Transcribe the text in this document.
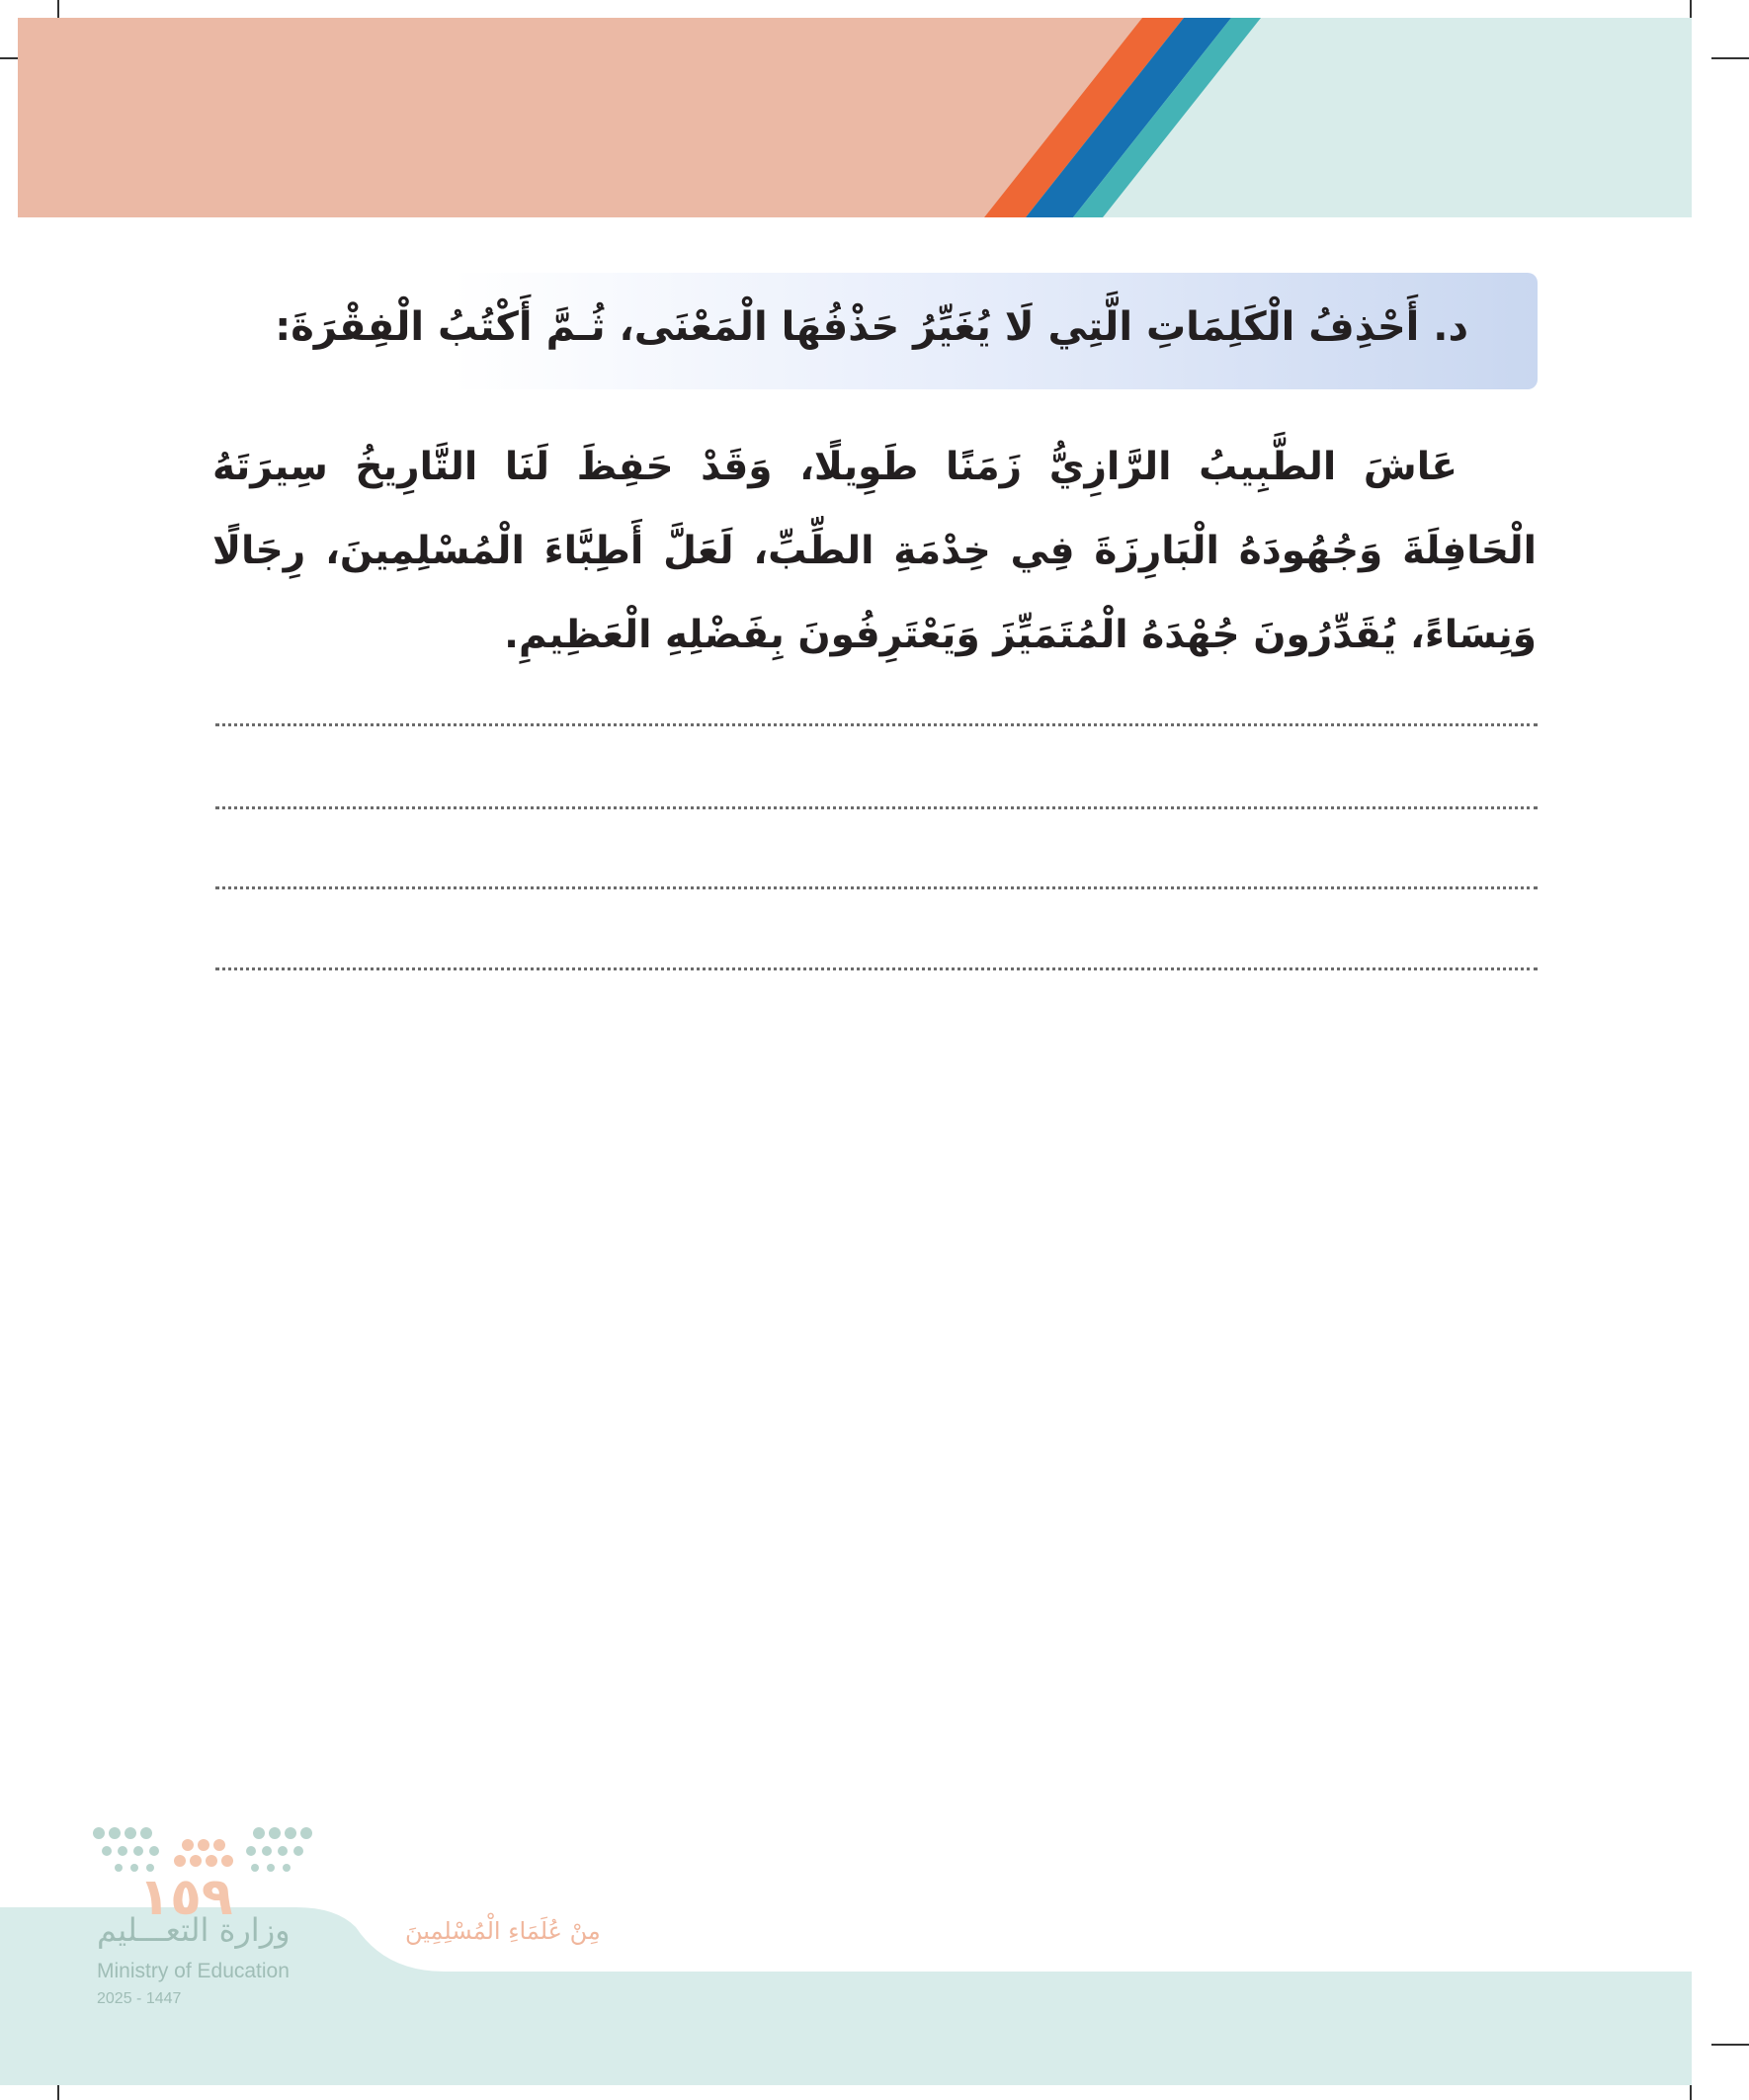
د. أَحْذِفُ الْكَلِمَاتِ الَّتِي لَا يُغَيِّرُ حَذْفُهَا الْمَعْنَى، ثُـمَّ أَكْتُبُ الْفِقْرَةَ:

عَاشَ الطَّبِيبُ الرَّازِيُّ زَمَنًا طَوِيلًا، وَقَدْ حَفِظَ لَنَا التَّارِيخُ سِيرَتَهُ الْحَافِلَةَ وَجُهُودَهُ الْبَارِزَةَ فِي خِدْمَةِ الطِّبِّ، لَعَلَّ أَطِبَّاءَ الْمُسْلِمِينَ، رِجَالًا وَنِسَاءً، يُقَدِّرُونَ جُهْدَهُ الْمُتَمَيِّزَ وَيَعْتَرِفُونَ بِفَضْلِهِ الْعَظِيمِ.

١٥٩
وزارة التعـــليم
Ministry of Education
2025 - 1447
مِنْ عُلَمَاءِ الْمُسْلِمِينَ
